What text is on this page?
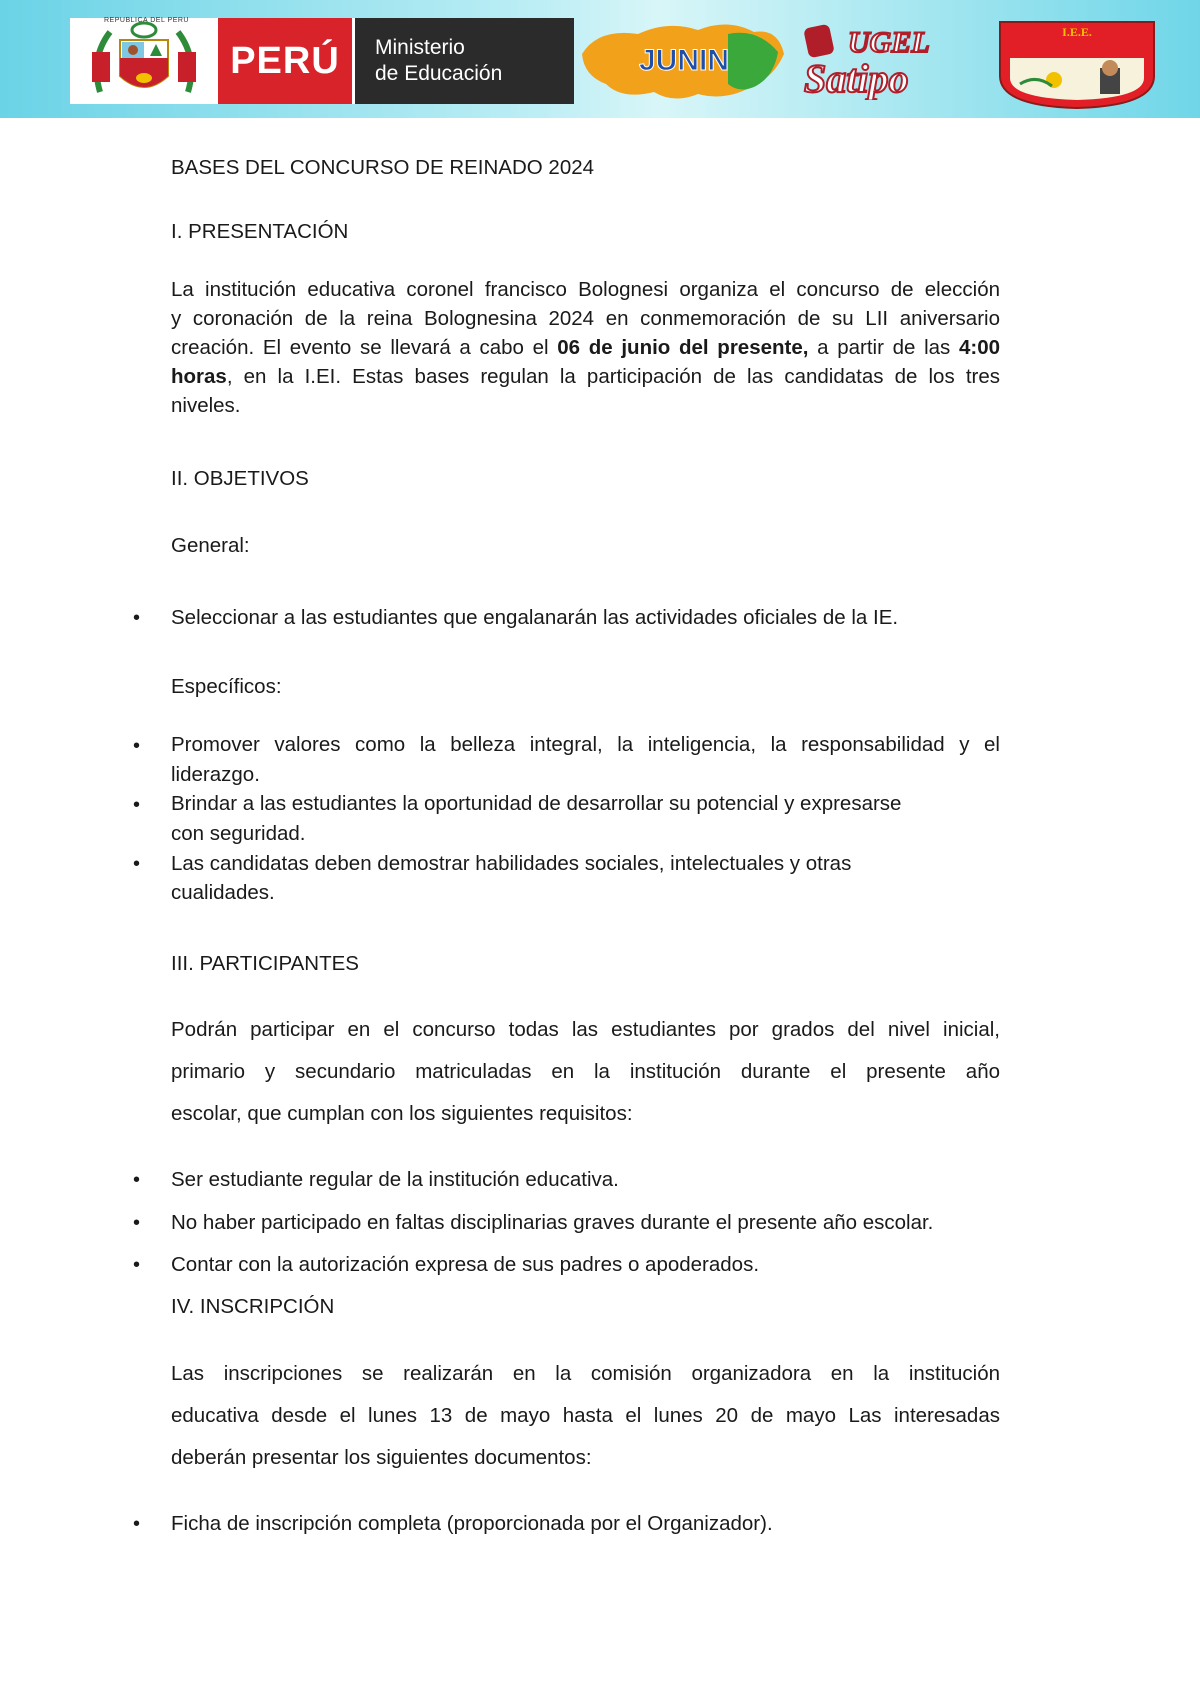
REPUBLICA DEL PERU
PERÚ	Ministerio
de Educación	JUNIN
UGEL
Satipo
I.E.E.
BASES DEL CONCURSO DE REINADO 2024
I. PRESENTACIÓN
La institución educativa coronel francisco Bolognesi organiza el concurso de elección
y coronación de la reina Bolognesina 2024 en conmemoración de su LII aniversario
creación. El evento se llevará a cabo el 06 de junio del presente, a partir de las 4:00
horas, en la I.EI. Estas bases regulan la participación de las candidatas de los tres
niveles.
II. OBJETIVOS
General:
• Seleccionar a las estudiantes que engalanarán las actividades oficiales de la IE.
Específicos:
• Promover valores como la belleza integral, la inteligencia, la responsabilidad y el
liderazgo.
• Brindar a las estudiantes la oportunidad de desarrollar su potencial y expresarse
con seguridad.
• Las candidatas deben demostrar habilidades sociales, intelectuales y otras
cualidades.
III. PARTICIPANTES
Podrán participar en el concurso todas las estudiantes por grados del nivel inicial,
primario y secundario matriculadas en la institución durante el presente año
escolar, que cumplan con los siguientes requisitos:
• Ser estudiante regular de la institución educativa.
• No haber participado en faltas disciplinarias graves durante el presente año escolar.
• Contar con la autorización expresa de sus padres o apoderados.
IV. INSCRIPCIÓN
Las inscripciones se realizarán en la comisión organizadora en la institución
educativa desde el lunes 13 de mayo hasta el lunes 20 de mayo Las interesadas
deberán presentar los siguientes documentos:
• Ficha de inscripción completa (proporcionada por el Organizador).
